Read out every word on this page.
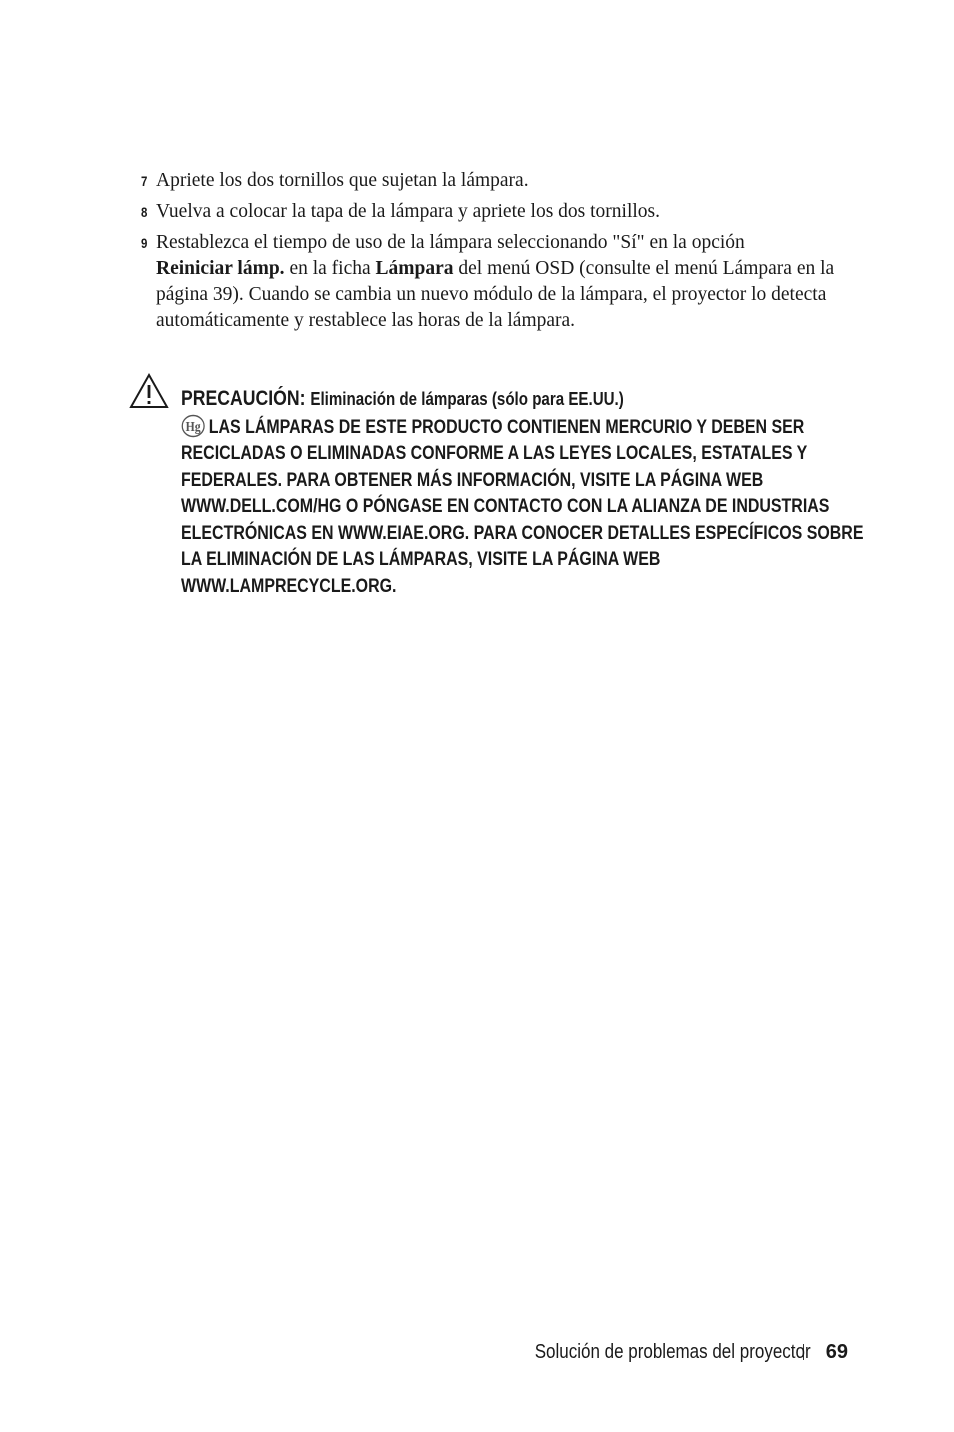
7 Apriete los dos tornillos que sujetan la lámpara.
8 Vuelva a colocar la tapa de la lámpara y apriete los dos tornillos.
9 Restablezca el tiempo de uso de la lámpara seleccionando "Sí" en la opción
Reiniciar lámp. en la ficha Lámpara del menú OSD (consulte el menú Lámpara en la página 39). Cuando se cambia un nuevo módulo de la lámpara, el proyector lo detecta automáticamente y restablece las horas de la lámpara.
PRECAUCIÓN: Eliminación de lámparas (sólo para EE.UU.)

Hg LAS LÁMPARAS DE ESTE PRODUCTO CONTIENEN MERCURIO Y DEBEN SER RECICLADAS O ELIMINADAS CONFORME A LAS LEYES LOCALES, ESTATALES Y FEDERALES. PARA OBTENER MÁS INFORMACIÓN, VISITE LA PÁGINA WEB WWW.DELL.COM/HG O PÓNGASE EN CONTACTO CON LA ALIANZA DE INDUSTRIAS ELECTRÓNICAS EN WWW.EIAE.ORG. PARA CONOCER DETALLES ESPECÍFICOS SOBRE LA ELIMINACIÓN DE LAS LÁMPARAS, VISITE LA PÁGINA WEB WWW.LAMPRECYCLE.ORG.
Solución de problemas del proyector 69
